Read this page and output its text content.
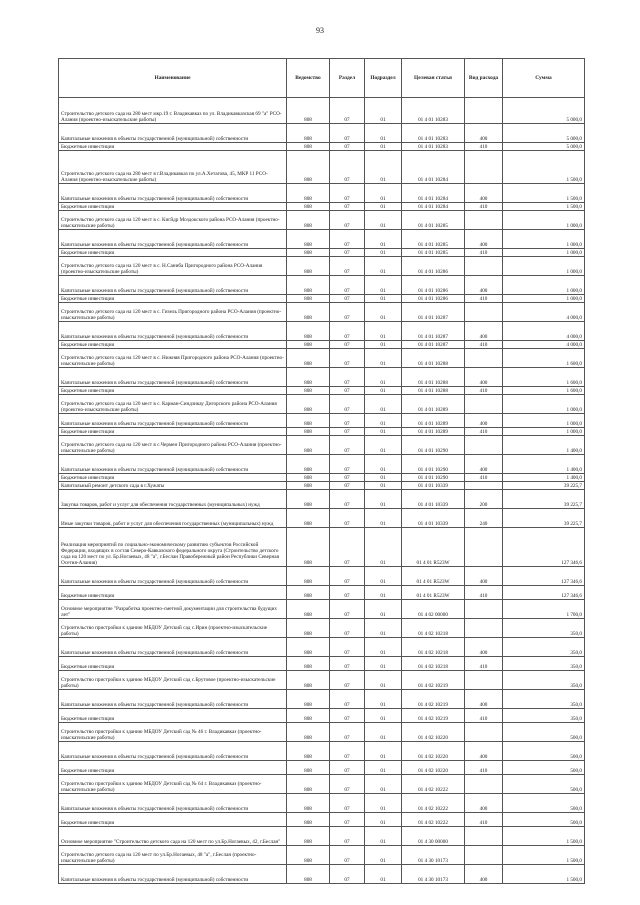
93
Наименование	Ведомство	Раздел	Подраздел	Целевая статья	Вид расхода	Сумма
Строительство детского сада на 280 мест мкр.19 г. Владикавказ по ул. Владикавказская 69 "а" РСО-Алания (проектно-изыскательские работы)	808	07	01	01 4 01 10283		5 000,0
Капитальные вложения в объекты государственной (муниципальной) собственности	808	07	01	01 4 01 10283	400	5 000,0
Бюджетные инвестиции	808	07	01	01 4 01 10283	410	5 000,0
Строительство детского сада на 280 мест в г.Владикавказ по ул.А.Хетагова, 45, МКР 11 РСО-Алания (проектно-изыскательские работы)	808	07	01	01 4 01 10284		1 500,0
Капитальные вложения в объекты государственной (муниципальной) собственности	808	07	01	01 4 01 10284	400	1 500,0
Бюджетные инвестиции	808	07	01	01 4 01 10284	410	1 500,0
Строительство детского сада на 120 мест в с. Кигйдр Моздокского района РСО-Алания (проектно-изыскательские работы)	808	07	01	01 4 01 10285		1 000,0
Капитальные вложения в объекты государственной (муниципальной) собственности	808	07	01	01 4 01 10285	400	1 000,0
Бюджетные инвестиции	808	07	01	01 4 01 10285	410	1 000,0
Строительство детского сада на 120 мест в с. Н.Саниба Пригородного района РСО-Алания (проектно-изыскательские работы)	808	07	01	01 4 01 10286		1 000,0
Капитальные вложения в объекты государственной (муниципальной) собственности	808	07	01	01 4 01 10286	400	1 000,0
Бюджетные инвестиции	808	07	01	01 4 01 10286	410	1 000,0
Строительство детского сада на 120 мест в с. Гизель Пригородного района РСО-Алания (проектно-изыскательские работы)	808	07	01	01 4 01 10287		4 000,0
Капитальные вложения в объекты государственной (муниципальной) собственности	808	07	01	01 4 01 10287	400	4 000,0
Бюджетные инвестиции	808	07	01	01 4 01 10287	410	4 000,0
Строительство детского сада на 120 мест в с. Нижняя Пригородного района РСО-Алания (проектно-изыскательские работы)	808	07	01	01 4 01 10288		1 600,0
Капитальные вложения в объекты государственной (муниципальной) собственности	808	07	01	01 4 01 10288	400	1 600,0
Бюджетные инвестиции	808	07	01	01 4 01 10288	410	1 600,0
Строительство детского сада на 120 мест в с. Карман-Синдзикау Дигорского района РСО-Алания (проектно-изыскательские работы)	808	07	01	01 4 01 10289		1 000,0
Капитальные вложения в объекты государственной (муниципальной) собственности	808	07	01	01 4 01 10289	400	1 000,0
Бюджетные инвестиции	808	07	01	01 4 01 10289	410	1 000,0
Строительство детского сада на 120 мест в с.Чермен Пригородного района РСО-Алания (проектно-изыскательские работы)	808	07	01	01 4 01 10290		1 400,0
Капитальные вложения в объекты государственной (муниципальной) собственности	808	07	01	01 4 01 10290	400	1 400,0
Бюджетные инвестиции	808	07	01	01 4 01 10290	410	1 400,0
Капитальный ремонт детского сада в г.Хужаты	808	07	01	01 4 01 10339		39 225,7
Закупка товаров, работ и услуг для обеспечения государственных (муниципальных) нужд	808	07	01	01 4 01 10339	200	39 225,7
Иные закупки товаров, работ и услуг для обеспечения государственных (муниципальных) нужд	808	07	01	01 4 01 10339	240	39 225,7
Реализация мероприятий по социально-экономическому развитию субъектов Российской Федерации, входящих в состав Северо-Кавказского федерального округа (Строительство детского сада на 120 мест по ул. Бр.Ногаевых, 48 "а", г.Беслан Правобережный район Республики Северная Осетия-Алания)	808	07	01	01 4 01 R523W		127 346,6
Капитальные вложения в объекты государственной (муниципальной) собственности	808	07	01	01 4 01 R523W	400	127 346,6
Бюджетные инвестиции	808	07	01	01 4 01 R523W	410	127 346,6
Основное мероприятие "Разработка проектно-сметной документации для строительства будущих лет"	808	07	01	01 4 02 00000		1 700,0
Строительство пристройки к зданию МБДОУ Детский сад с.Ирин (проектно-изыскательские работы)	808	07	01	01 4 02 10218		350,0
Капитальные вложения в объекты государственной (муниципальной) собственности	808	07	01	01 4 02 10218	400	350,0
Бюджетные инвестиции	808	07	01	01 4 02 10218	410	350,0
Строительство пристройки к зданию МБДОУ Детский сад с.Брутовое (проектно-изыскательские работы)	808	07	01	01 4 02 10219		350,0
Капитальные вложения в объекты государственной (муниципальной) собственности	808	07	01	01 4 02 10219	400	350,0
Бюджетные инвестиции	808	07	01	01 4 02 10219	410	350,0
Строительство пристройки к зданию МБДОУ Детский сад № 46 г. Владикавказ (проектно-изыскательские работы)	808	07	01	01 4 02 10220		500,0
Капитальные вложения в объекты государственной (муниципальной) собственности	808	07	01	01 4 02 10220	400	500,0
Бюджетные инвестиции	808	07	01	01 4 02 10220	410	500,0
Строительство пристройки к зданию МБДОУ Детский сад № 64 г. Владикавказ (проектно-изыскательские работы)	808	07	01	01 4 02 10222		500,0
Капитальные вложения в объекты государственной (муниципальной) собственности	808	07	01	01 4 02 10222	400	500,0
Бюджетные инвестиции	808	07	01	01 4 02 10222	410	500,0
Основное мероприятие "Строительство детского сада на 120 мест по ул.Бр.Ногаевых, 42, г.Беслан"	808	07	01	01 4 30 00000		1 500,0
Строительство детского сада на 120 мест по ул.Бр.Ногаевых, 48 "а", г.Беслан (проектно-изыскательские работы)	808	07	01	01 4 30 10173		1 500,0
Капитальные вложения в объекты государственной (муниципальной) собственности	808	07	01	01 4 30 10173	400	1 500,0
